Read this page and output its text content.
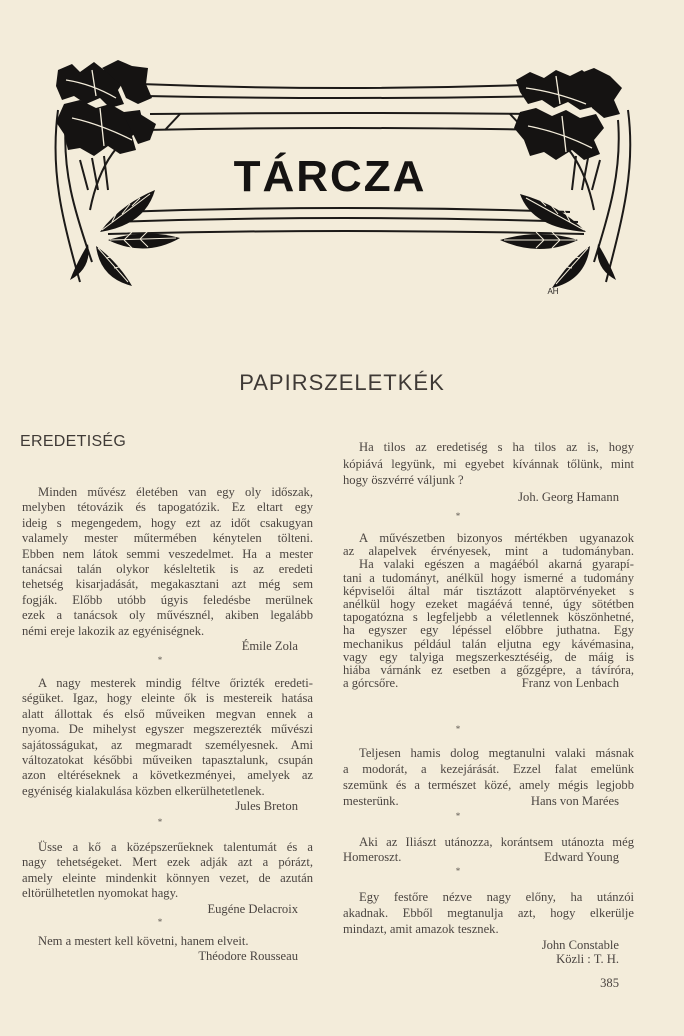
TÁRCZA
AH
PAPIRSZELETKÉK
EREDETISÉG
Minden művész életében van egy oly időszak,
melyben tétovázik és tapogatózik. Ez eltart egy
ideig s megengedem, hogy ezt az időt csakugyan
valamely mester műtermében kénytelen tölteni.
Ebben nem látok semmi veszedelmet. Ha a mester
tanácsai talán olykor késleltetik is az eredeti
tehetség kisarjadását, megakasztani azt még sem
fogják. Előbb utóbb úgyis feledésbe merülnek
ezek a tanácsok oly művésznél, akiben legalább
némi ereje lakozik az egyéniségnek.
Émile Zola
*
A nagy mesterek mindig féltve őrizték eredeti-
ségüket. Igaz, hogy eleinte ők is mestereik hatása
alatt állottak és első műveiken megvan ennek a
nyoma. De mihelyst egyszer megszerezték művészi
sajátosságukat, az megmaradt személyesnek. Ami
változatokat későbbi műveiken tapasztalunk, csupán
azon eltéréseknek a következményei, amelyek az
egyéniség kialakulása közben elkerülhetetlenek.
Jules Breton
*
Üsse a kő a középszerűeknek talentumát és a
nagy tehetségeket. Mert ezek adják azt a pórázt,
amely eleinte mindenkit könnyen vezet, de azután
eltörülhetetlen nyomokat hagy.
Eugéne Delacroix
*
Nem a mestert kell követni, hanem elveit.
Théodore Rousseau
Ha tilos az eredetiség s ha tilos az is, hogy
kópiává legyünk, mi egyebet kívánnak tőlünk, mint
hogy öszvérré váljunk ?
Joh. Georg Hamann
*
A művészetben bizonyos mértékben ugyanazok
az alapelvek érvényesek, mint a tudományban.
Ha valaki egészen a magáéból akarná gyarapí-
tani a tudományt, anélkül hogy ismerné a tudomány
képviselői által már tisztázott alaptörvényeket s
anélkül hogy ezeket magáévá tenné, úgy sötétben
tapogatózna s legfeljebb a véletlennek köszönhetné,
ha egyszer egy lépéssel előbbre juthatna. Egy
mechanikus például talán eljutna egy kávémasina,
vagy egy talyiga megszerkesztéséig, de máig is
hiába várnánk ez esetben a gőzgépre, a távíróra,
a górcsőre.	Franz von Lenbach
*
Teljesen hamis dolog megtanulni valaki másnak
a modorát, a kezejárását. Ezzel falat emelünk
szemünk és a természet közé, amely mégis legjobb
mesterünk.	Hans von Marées
*
Aki az Iliászt utánozza, korántsem utánozta még
Homeroszt.	Edward Young
*
Egy festőre nézve nagy előny, ha utánzói
akadnak. Ebből megtanulja azt, hogy elkerülje
mindazt, amit amazok tesznek.
John Constable
Közli : T. H.
385
